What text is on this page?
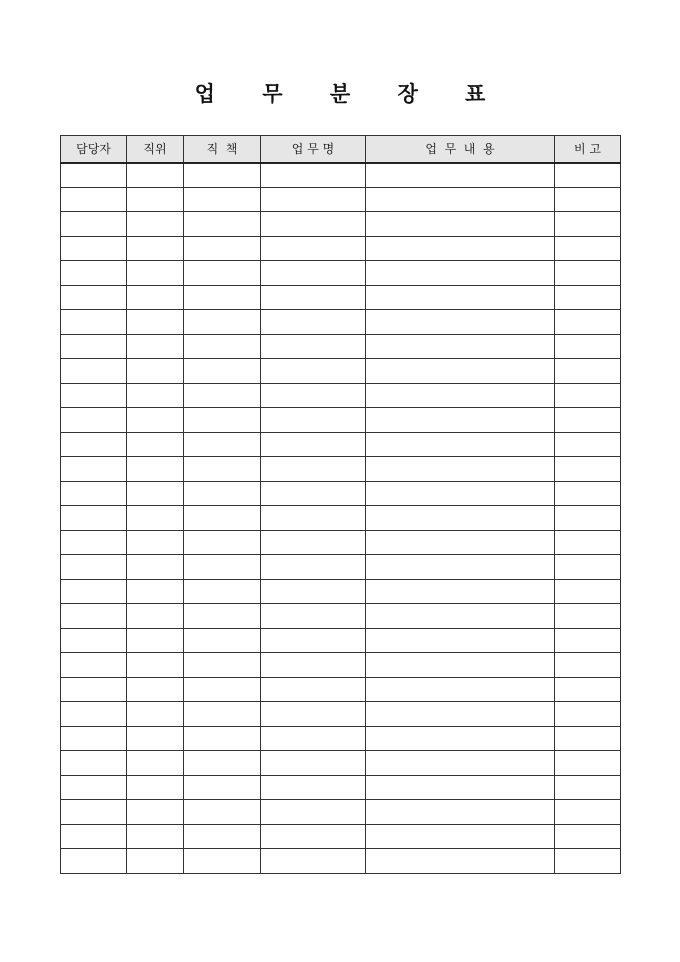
업 무 분 장 표
담당자	직위	직  책	업 무 명	업  무  내  용	비 고
